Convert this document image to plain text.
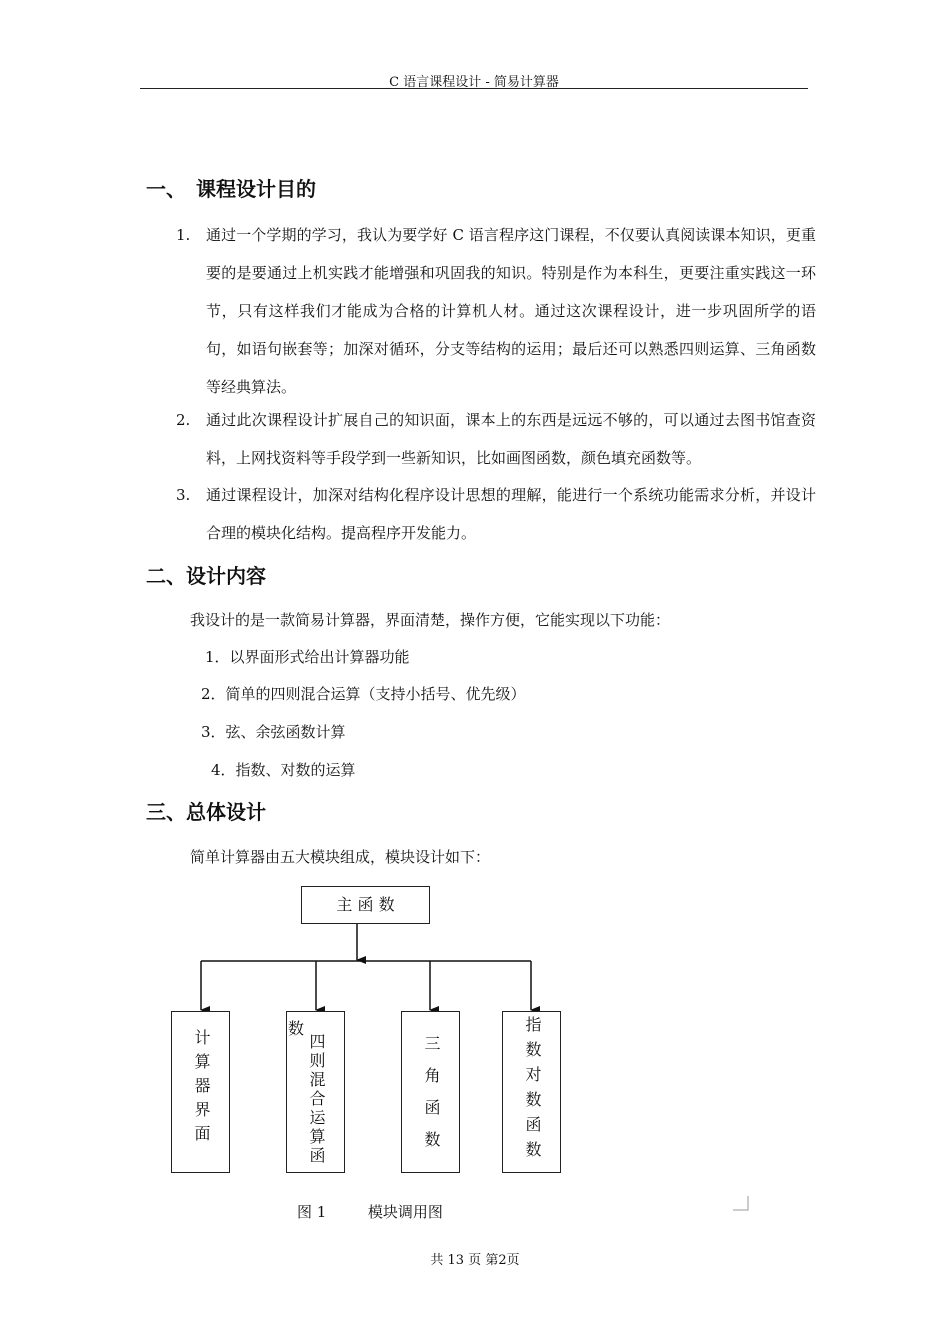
C 语言课程设计 - 简易计算器
一、　课程设计目的
1. 通过一个学期的学习，我认为要学好 C 语言程序这门课程，不仅要认真阅读课本知识，更重要的是要通过上机实践才能增强和巩固我的知识。特别是作为本科生，更要注重实践这一环节，只有这样我们才能成为合格的计算机人材。通过这次课程设计，进一步巩固所学的语句，如语句嵌套等；加深对循环，分支等结构的运用；最后还可以熟悉四则运算、三角函数等经典算法。
2. 通过此次课程设计扩展自己的知识面，课本上的东西是远远不够的，可以通过去图书馆查资料，上网找资料等手段学到一些新知识，比如画图函数，颜色填充函数等。
3. 通过课程设计，加深对结构化程序设计思想的理解，能进行一个系统功能需求分析，并设计合理的模块化结构。提高程序开发能力。
二、设计内容
我设计的是一款简易计算器，界面清楚，操作方便，它能实现以下功能：
1．以界面形式给出计算器功能
2．简单的四则混合运算（支持小括号、优先级）
3．弦、余弦函数计算
4．指数、对数的运算
三、总体设计
简单计算器由五大模块组成，模块设计如下：
主 函 数
计算器界面	四则混合运算函
数
三角函数	指数对数函数
图 1	模块调用图
共 13 页 第2页
